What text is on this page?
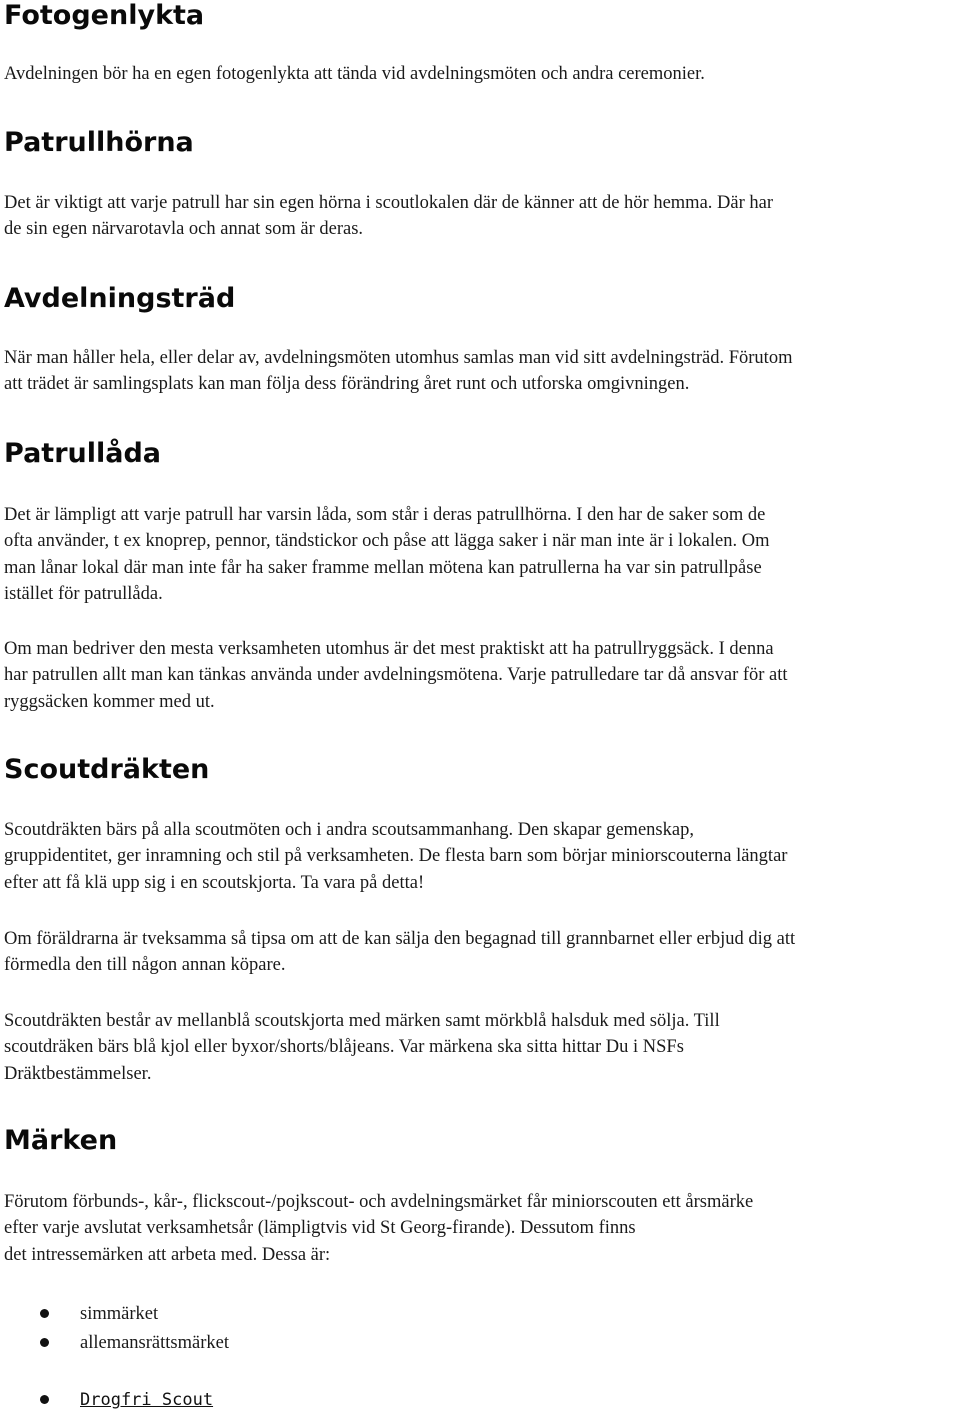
Fotogenlykta

Avdelningen bör ha en egen fotogenlykta att tända vid avdelningsmöten och andra ceremonier.

Patrullhörna

Det är viktigt att varje patrull har sin egen hörna i scoutlokalen där de känner att de hör hemma. Där har
de sin egen närvarotavla och annat som är deras.

Avdelningsträd

När man håller hela, eller delar av, avdelningsmöten utomhus samlas man vid sitt avdelningsträd. Förutom
att trädet är samlingsplats kan man följa dess förändring året runt och utforska omgivningen.

Patrullåda

Det är lämpligt att varje patrull har varsin låda, som står i deras patrullhörna. I den har de saker som de
ofta använder, t ex knoprep, pennor, tändstickor och påse att lägga saker i när man inte är i lokalen. Om
man lånar lokal där man inte får ha saker framme mellan mötena kan patrullerna ha var sin patrullpåse
istället för patrullåda.

Om man bedriver den mesta verksamheten utomhus är det mest praktiskt att ha patrullryggsäck. I denna
har patrullen allt man kan tänkas använda under avdelningsmötena. Varje patrulledare tar då ansvar för att
ryggsäcken kommer med ut.

Scoutdräkten

Scoutdräkten bärs på alla scoutmöten och i andra scoutsammanhang. Den skapar gemenskap,
gruppidentitet, ger inramning och stil på verksamheten. De flesta barn som börjar miniorscouterna längtar
efter att få klä upp sig i en scoutskjorta. Ta vara på detta!

Om föräldrarna är tveksamma så tipsa om att de kan sälja den begagnad till grannbarnet eller erbjud dig att
förmedla den till någon annan köpare.

Scoutdräkten består av mellanblå scoutskjorta med märken samt mörkblå halsduk med sölja. Till
scoutdräken bärs blå kjol eller byxor/shorts/blåjeans. Var märkena ska sitta hittar Du i NSFs
Dräktbestämmelser.

Märken

Förutom förbunds-, kår-, flickscout-/pojkscout- och avdelningsmärket får miniorscouten ett årsmärke
efter varje avslutat verksamhetsår (lämpligtvis vid St Georg-firande). Dessutom finns
det intressemärken att arbeta med. Dessa är:

simmärket
allemansrättsmärket
Drogfri Scout
